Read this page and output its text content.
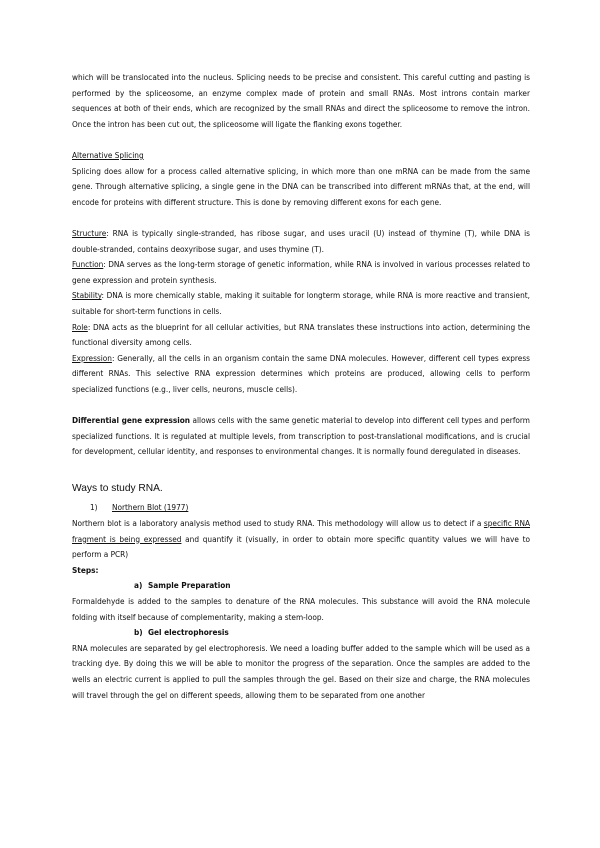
which will be translocated into the nucleus. Splicing needs to be precise and consistent. This careful cutting and pasting is performed by the spliceosome, an enzyme complex made of protein and small RNAs. Most introns contain marker sequences at both of their ends, which are recognized by the small RNAs and direct the spliceosome to remove the intron. Once the intron has been cut out, the spliceosome will ligate the flanking exons together.

Alternative Splicing

Splicing does allow for a process called alternative splicing, in which more than one mRNA can be made from the same gene. Through alternative splicing, a single gene in the DNA can be transcribed into different mRNAs that, at the end, will encode for proteins with different structure. This is done by removing different exons for each gene.

Structure: RNA is typically single-stranded, has ribose sugar, and uses uracil (U) instead of thymine (T), while DNA is double-stranded, contains deoxyribose sugar, and uses thymine (T).

Function: DNA serves as the long-term storage of genetic information, while RNA is involved in various processes related to gene expression and protein synthesis.

Stability: DNA is more chemically stable, making it suitable for longterm storage, while RNA is more reactive and transient, suitable for short-term functions in cells.

Role: DNA acts as the blueprint for all cellular activities, but RNA translates these instructions into action, determining the functional diversity among cells.

Expression: Generally, all the cells in an organism contain the same DNA molecules. However, different cell types express different RNAs. This selective RNA expression determines which proteins are produced, allowing cells to perform specialized functions (e.g., liver cells, neurons, muscle cells).

Differential gene expression allows cells with the same genetic material to develop into different cell types and perform specialized functions. It is regulated at multiple levels, from transcription to post-translational modifications, and is crucial for development, cellular identity, and responses to environmental changes. It is normally found deregulated in diseases.

Ways to study RNA.

1) Northern Blot (1977)

Northern blot is a laboratory analysis method used to study RNA. This methodology will allow us to detect if a specific RNA fragment is being expressed and quantify it (visually, in order to obtain more specific quantity values we will have to perform a PCR)

Steps:

a) Sample Preparation

Formaldehyde is added to the samples to denature of the RNA molecules. This substance will avoid the RNA molecule folding with itself because of complementarity, making a stem-loop.

b) Gel electrophoresis

RNA molecules are separated by gel electrophoresis. We need a loading buffer added to the sample which will be used as a tracking dye. By doing this we will be able to monitor the progress of the separation. Once the samples are added to the wells an electric current is applied to pull the samples through the gel. Based on their size and charge, the RNA molecules will travel through the gel on different speeds, allowing them to be separated from one another
